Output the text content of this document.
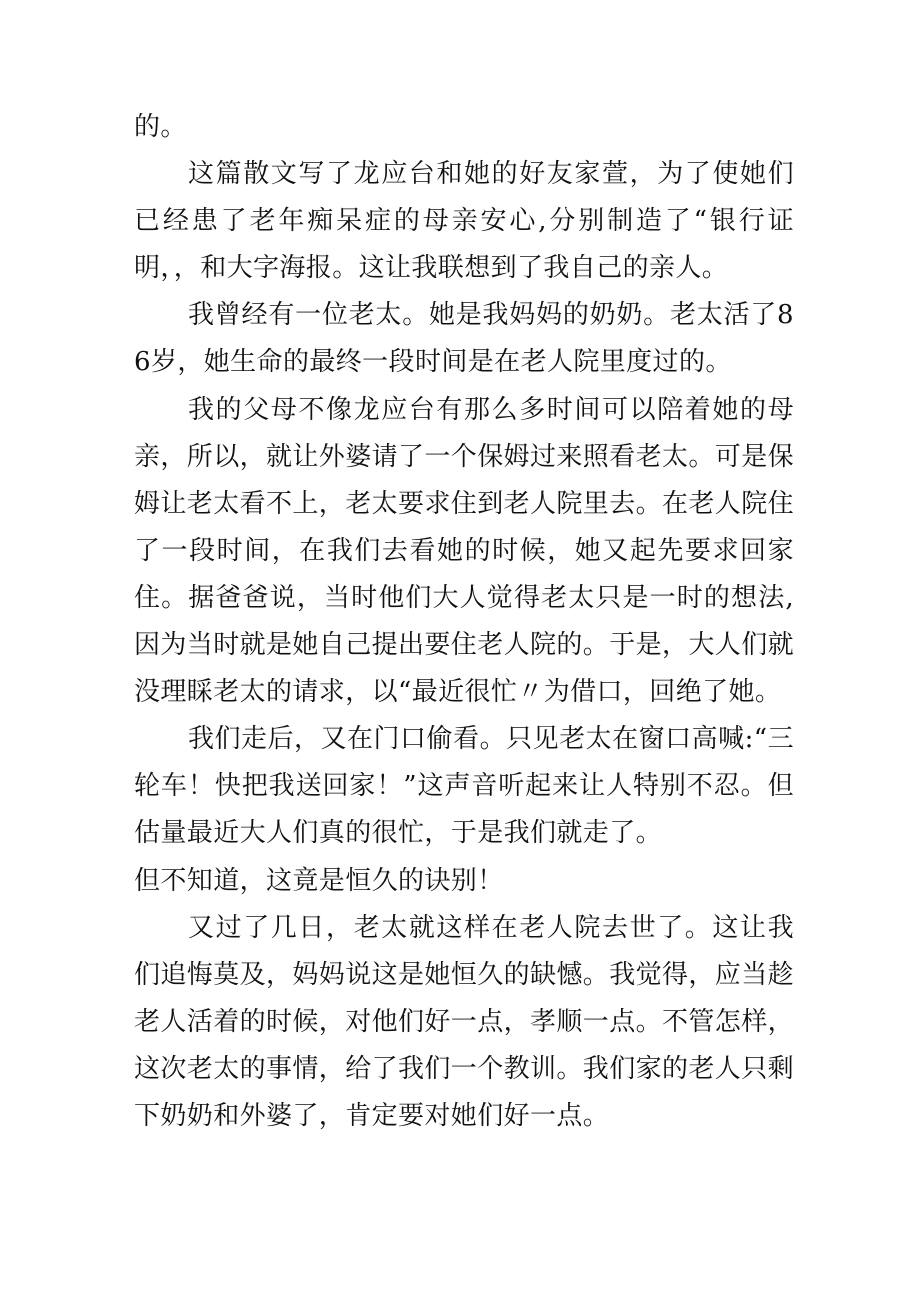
的。

这篇散文写了龙应台和她的好友家萱，为了使她们已经患了老年痴呆症的母亲安心,分别制造了“银行证明，，和大字海报。这让我联想到了我自己的亲人。

我曾经有一位老太。她是我妈妈的奶奶。老太活了86岁，她生命的最终一段时间是在老人院里度过的。

我的父母不像龙应台有那么多时间可以陪着她的母亲，所以，就让外婆请了一个保姆过来照看老太。可是保姆让老太看不上，老太要求住到老人院里去。在老人院住了一段时间，在我们去看她的时候，她又起先要求回家住。据爸爸说，当时他们大人觉得老太只是一时的想法,因为当时就是她自己提出要住老人院的。于是，大人们就没理睬老太的请求，以“最近很忙〃为借口，回绝了她。

我们走后，又在门口偷看。只见老太在窗口高喊:“三轮车！快把我送回家！”这声音听起来让人特别不忍。但估量最近大人们真的很忙，于是我们就走了。

但不知道，这竟是恒久的诀别！

又过了几日，老太就这样在老人院去世了。这让我们追悔莫及，妈妈说这是她恒久的缺憾。我觉得，应当趁老人活着的时候，对他们好一点，孝顺一点。不管怎样，这次老太的事情，给了我们一个教训。我们家的老人只剩下奶奶和外婆了，肯定要对她们好一点。
